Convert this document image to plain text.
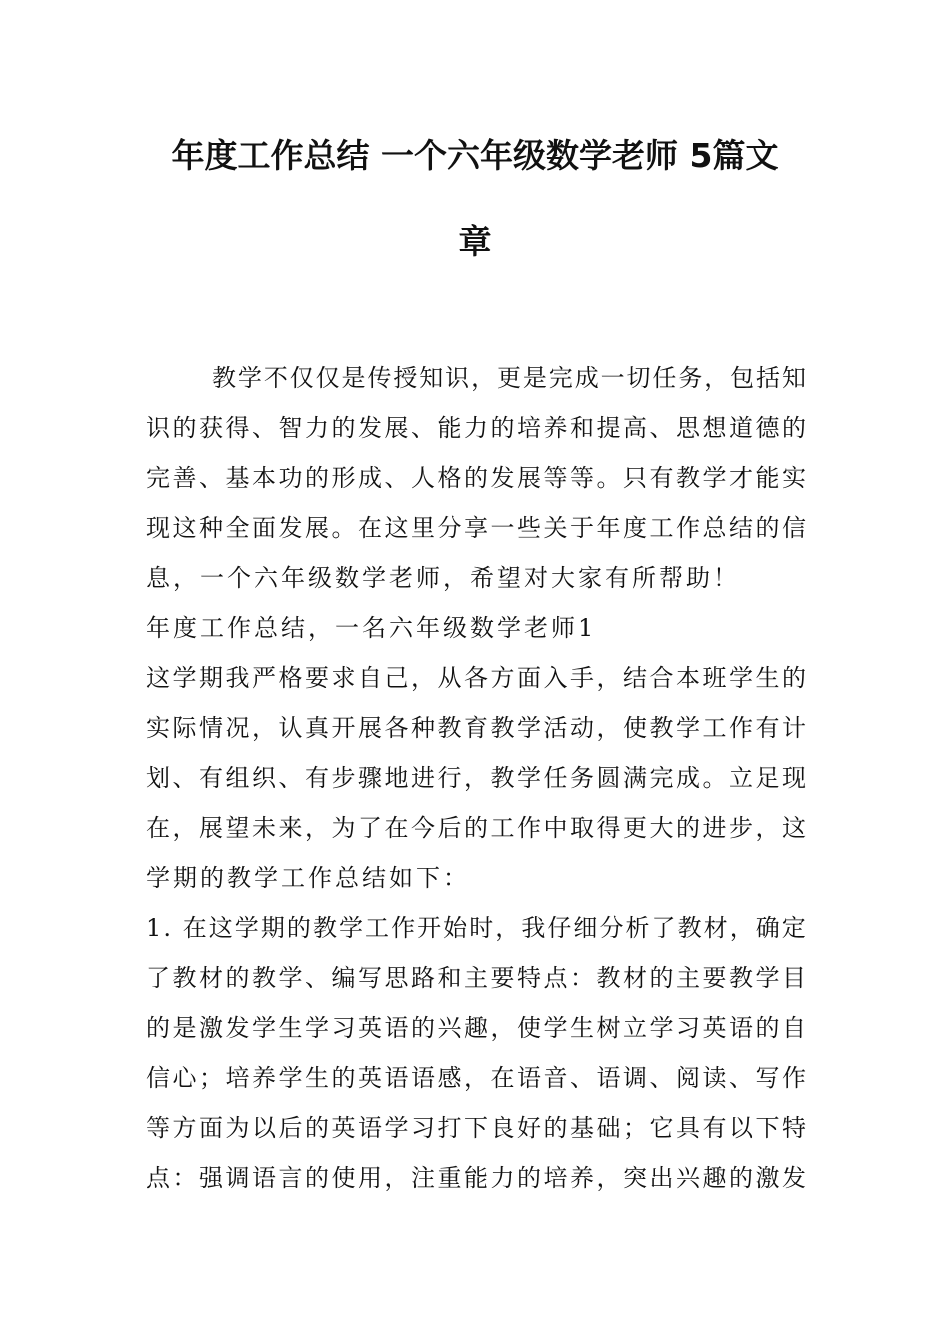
年度工作总结 一个六年级数学老师 5篇文
章
教 学 不 仅 仅 是 传 授 知 识 ， 更 是 完 成 一 切 任 务 ， 包 括 知
识 的 获 得 、 智 力 的 发 展 、 能 力 的 培 养 和 提 高 、 思 想 道 德 的
完 善 、 基 本 功 的 形 成 、 人 格 的 发 展 等 等 。 只 有 教 学 才 能 实
现 这 种 全 面 发 展 。 在 这 里 分 享 一 些 关 于 年 度 工 作 总 结 的 信
息，一个六年级数学老师，希望对大家有所帮助！
年度工作总结，一名六年级数学老师1
这 学 期 我 严 格 要 求 自 己 ， 从 各 方 面 入 手 ， 结 合 本 班 学 生 的
实 际 情 况 ， 认 真 开 展 各 种 教 育 教 学 活 动 ， 使 教 学 工 作 有 计
划 、 有 组 织 、 有 步 骤 地 进 行 ， 教 学 任 务 圆 满 完 成 。 立 足 现
在 ， 展 望 未 来 ， 为 了 在 今 后 的 工 作 中 取 得 更 大 的 进 步 ， 这
学期的教学工作总结如下：
1 .
在 这 学 期 的 教 学 工 作 开 始 时 ， 我 仔 细 分 析 了 教 材 ， 确 定
了 教 材 的 教 学 、 编 写 思 路 和 主 要 特 点 ： 教 材 的 主 要 教 学 目
的 是 激 发 学 生 学 习 英 语 的 兴 趣 ， 使 学 生 树 立 学 习 英 语 的 自
信 心 ； 培 养 学 生 的 英 语 语 感 ， 在 语 音 、 语 调 、 阅 读 、 写 作
等 方 面 为 以 后 的 英 语 学 习 打 下 良 好 的 基 础 ； 它 具 有 以 下 特
点 ： 强 调 语 言 的 使 用 ， 注 重 能 力 的 培 养 ， 突 出 兴 趣 的 激 发
